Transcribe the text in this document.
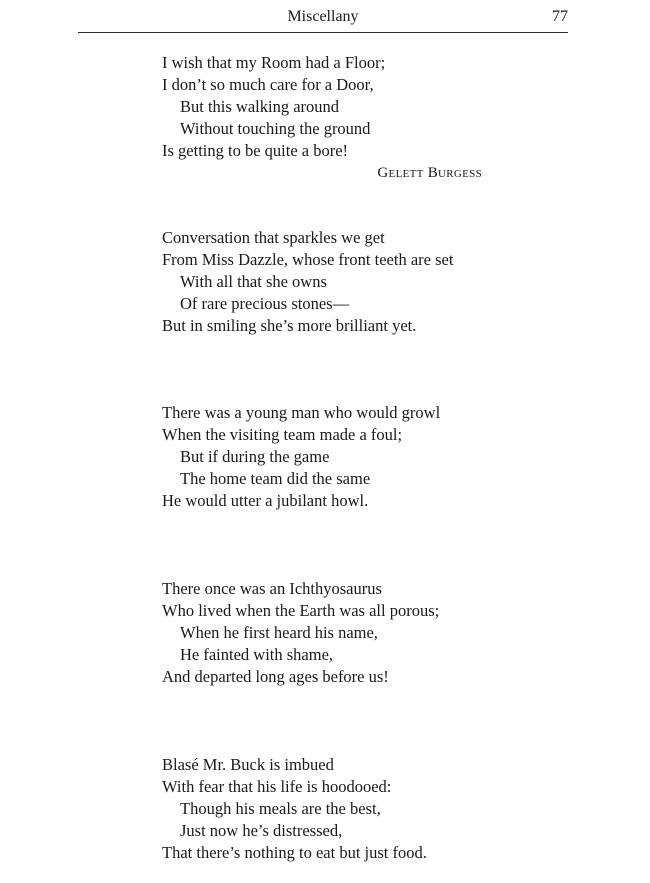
Miscellany	77
I wish that my Room had a Floor;
I don’t so much care for a Door,
But this walking around
Without touching the ground
Is getting to be quite a bore!
Gelett Burgess
Conversation that sparkles we get
From Miss Dazzle, whose front teeth are set
With all that she owns
Of rare precious stones—
But in smiling she’s more brilliant yet.
There was a young man who would growl
When the visiting team made a foul;
But if during the game
The home team did the same
He would utter a jubilant howl.
There once was an Ichthyosaurus
Who lived when the Earth was all porous;
When he first heard his name,
He fainted with shame,
And departed long ages before us!
Blasé Mr. Buck is imbued
With fear that his life is hoodooed:
Though his meals are the best,
Just now he’s distressed,
That there’s nothing to eat but just food.
